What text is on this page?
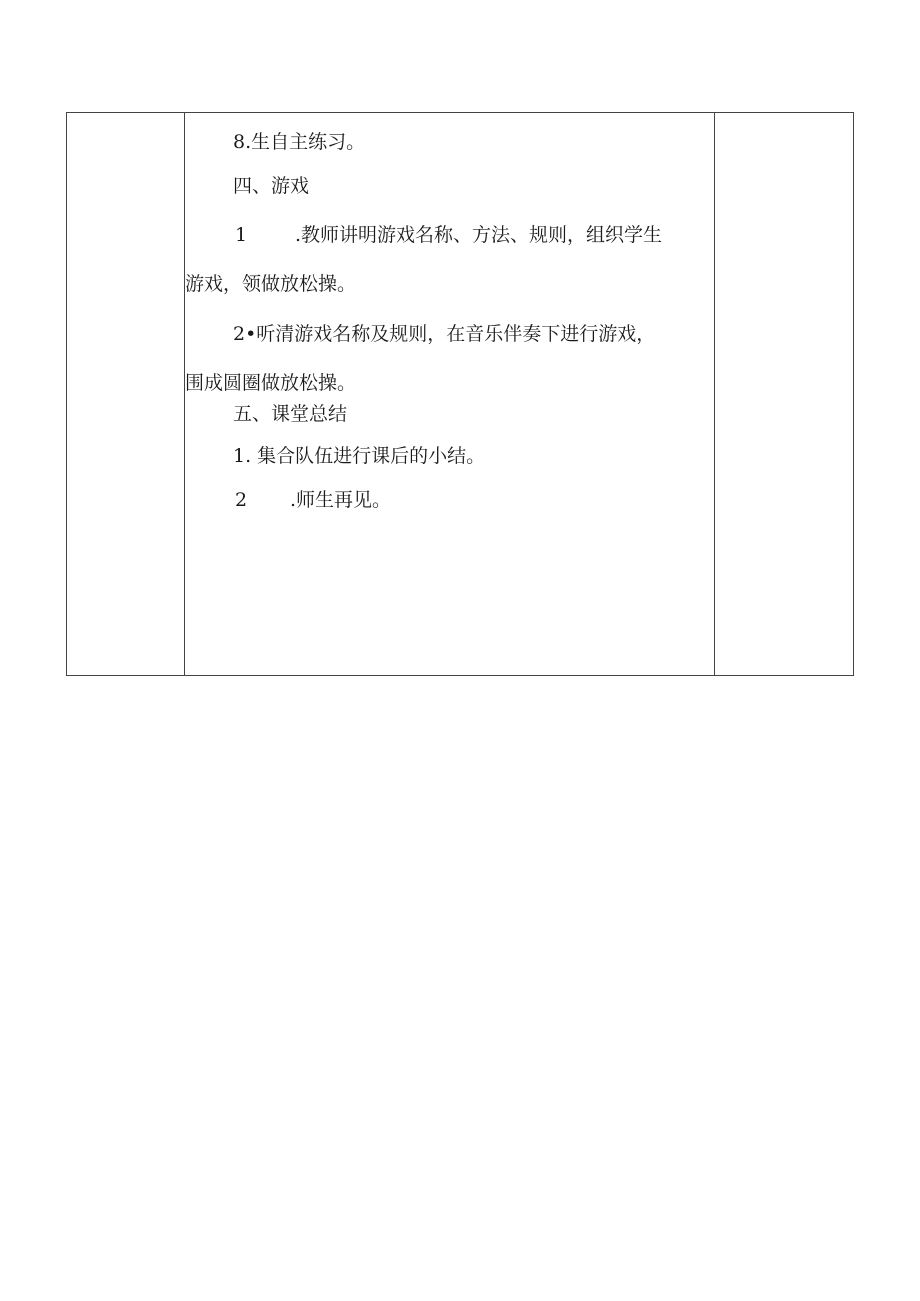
8.生自主练习。
四、游戏
1	.教师讲明游戏名称、方法、规则，组织学生
游戏，领做放松操。
2•听清游戏名称及规则，在音乐伴奏下进行游戏，
围成圆圈做放松操。
五、课堂总结
1. 集合队伍进行课后的小结。
2 .师生再见。
